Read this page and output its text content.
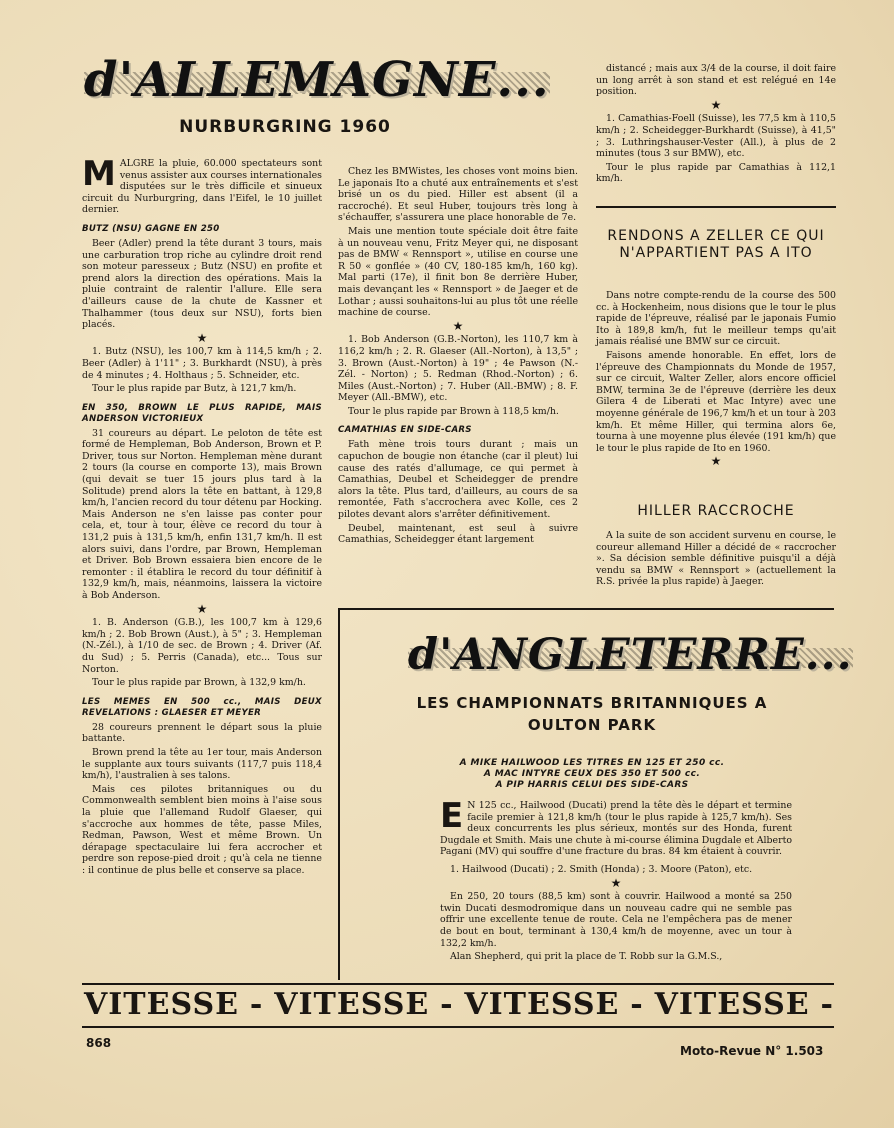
d'ALLEMAGNE...
NURBURGRING 1960

MALGRE la pluie, 60.000 spectateurs sont venus assister aux courses internationales disputées sur le très difficile et sinueux circuit du Nurburgring, dans l'Eifel, le 10 juillet dernier.

BUTZ (NSU) GAGNE EN 250

Beer (Adler) prend la tête durant 3 tours, mais une carburation trop riche au cylindre droit rend son moteur paresseux ; Butz (NSU) en profite et prend alors la direction des opérations. Mais la pluie contraint de ralentir l'allure. Elle sera d'ailleurs cause de la chute de Kassner et Thalhammer (tous deux sur NSU), forts bien placés.

★

1. Butz (NSU), les 100,7 km à 114,5 km/h ; 2. Beer (Adler) à 1'11" ; 3. Burkhardt (NSU), à près de 4 minutes ; 4. Holthaus ; 5. Schneider, etc.

Tour le plus rapide par Butz, à 121,7 km/h.

EN 350, BROWN LE PLUS RAPIDE, MAIS ANDERSON VICTORIEUX

31 coureurs au départ. Le peloton de tête est formé de Hempleman, Bob Anderson, Brown et P. Driver, tous sur Norton. Hempleman mène durant 2 tours (la course en comporte 13), mais Brown (qui devait se tuer 15 jours plus tard à la Solitude) prend alors la tête en battant, à 129,8 km/h, l'ancien record du tour détenu par Hocking. Mais Anderson ne s'en laisse pas conter pour cela, et, tour à tour, élève ce record du tour à 131,2 puis à 131,5 km/h, enfin 131,7 km/h. Il est alors suivi, dans l'ordre, par Brown, Hempleman et Driver. Bob Brown essaiera bien encore de le remonter : il établira le record du tour définitif à 132,9 km/h, mais, néanmoins, laissera la victoire à Bob Anderson.

★

1. B. Anderson (G.B.), les 100,7 km à 129,6 km/h ; 2. Bob Brown (Aust.), à 5" ; 3. Hempleman (N.-Zél.), à 1/10 de sec. de Brown ; 4. Driver (Af. du Sud) ; 5. Perris (Canada), etc... Tous sur Norton.

Tour le plus rapide par Brown, à 132,9 km/h.

LES MEMES EN 500 cc., MAIS DEUX REVELATIONS : GLAESER ET MEYER

28 coureurs prennent le départ sous la pluie battante.

Brown prend la tête au 1er tour, mais Anderson le supplante aux tours suivants (117,7 puis 118,4 km/h), l'australien à ses talons.

Mais ces pilotes britanniques ou du Commonwealth semblent bien moins à l'aise sous la pluie que l'allemand Rudolf Glaeser, qui s'accroche aux hommes de tête, passe Miles, Redman, Pawson, West et même Brown. Un dérapage spectaculaire lui fera accrocher et perdre son repose-pied droit ; qu'à cela ne tienne : il continue de plus belle et conserve sa place.

Chez les BMWistes, les choses vont moins bien. Le japonais Ito a chuté aux entraînements et s'est brisé un os du pied. Hiller est absent (il a raccroché). Et seul Huber, toujours très long à s'échauffer, s'assurera une place honorable de 7e.

Mais une mention toute spéciale doit être faite à un nouveau venu, Fritz Meyer qui, ne disposant pas de BMW « Rennsport », utilise en course une R 50 « gonflée » (40 CV, 180-185 km/h, 160 kg). Mal parti (17e), il finit bon 8e derrière Huber, mais devançant les « Rennsport » de Jaeger et de Lothar ; aussi souhaitons-lui au plus tôt une réelle machine de course.

★

1. Bob Anderson (G.B.-Norton), les 110,7 km à 116,2 km/h ; 2. R. Glaeser (All.-Norton), à 13,5" ; 3. Brown (Aust.-Norton) à 19" ; 4e Pawson (N.-Zél. - Norton) ; 5. Redman (Rhod.-Norton) ; 6. Miles (Aust.-Norton) ; 7. Huber (All.-BMW) ; 8. F. Meyer (All.-BMW), etc.

Tour le plus rapide par Brown à 118,5 km/h.

CAMATHIAS EN SIDE-CARS

Fath mène trois tours durant ; mais un capuchon de bougie non étanche (car il pleut) lui cause des ratés d'allumage, ce qui permet à Camathias, Deubel et Scheidegger de prendre alors la tête. Plus tard, d'ailleurs, au cours de sa remontée, Fath s'accrochera avec Kolle, ces 2 pilotes devant alors s'arrêter définitivement.

Deubel, maintenant, est seul à suivre Camathias, Scheidegger étant largement

distancé ; mais aux 3/4 de la course, il doit faire un long arrêt à son stand et est relégué en 14e position.

★

1. Camathias-Foell (Suisse), les 77,5 km à 110,5 km/h ; 2. Scheidegger-Burkhardt (Suisse), à 41,5" ; 3. Luthringshauser-Vester (All.), à plus de 2 minutes (tous 3 sur BMW), etc.

Tour le plus rapide par Camathias à 112,1 km/h.

RENDONS A ZELLER CE QUI N'APPARTIENT PAS A ITO

Dans notre compte-rendu de la course des 500 cc. à Hockenheim, nous disions que le tour le plus rapide de l'épreuve, réalisé par le japonais Fumio Ito à 189,8 km/h, fut le meilleur temps qu'ait jamais réalisé une BMW sur ce circuit.

Faisons amende honorable. En effet, lors de l'épreuve des Championnats du Monde de 1957, sur ce circuit, Walter Zeller, alors encore officiel BMW, termina 3e de l'épreuve (derrière les deux Gilera 4 de Liberati et Mac Intyre) avec une moyenne générale de 196,7 km/h et un tour à 203 km/h. Et même Hiller, qui termina alors 6e, tourna à une moyenne plus élevée (191 km/h) que le tour le plus rapide de Ito en 1960.

★

HILLER RACCROCHE

A la suite de son accident survenu en course, le coureur allemand Hiller a décidé de « raccrocher ». Sa décision semble définitive puisqu'il a déjà vendu sa BMW « Rennsport » (actuellement la R.S. privée la plus rapide) à Jaeger.

d'ANGLETERRE...
LES CHAMPIONNATS BRITANNIQUES A
OULTON PARK
A MIKE HAILWOOD LES TITRES EN 125 ET 250 cc.
A MAC INTYRE CEUX DES 350 ET 500 cc.
A PIP HARRIS CELUI DES SIDE-CARS

E N 125 cc., Hailwood (Ducati) prend la tête dès le départ et termine facile premier à 121,8 km/h (tour le plus rapide à 125,7 km/h). Ses deux concurrents les plus sérieux, montés sur des Honda, furent Dugdale et Smith. Mais une chute à mi-course élimina Dugdale et Alberto Pagani (MV) qui souffre d'une fracture du bras. 84 km étaient à couvrir.

1. Hailwood (Ducati) ; 2. Smith (Honda) ; 3. Moore (Paton), etc.

★

En 250, 20 tours (88,5 km) sont à couvrir. Hailwood a monté sa 250 twin Ducati desmodromique dans un nouveau cadre qui ne semble pas offrir une excellente tenue de route. Cela ne l'empêchera pas de mener de bout en bout, terminant à 130,4 km/h de moyenne, avec un tour à 132,2 km/h.

Alan Shepherd, qui prit la place de T. Robb sur la G.M.S.,

VITESSE - VITESSE - VITESSE - VITESSE -
868
Moto-Revue N° 1.503
